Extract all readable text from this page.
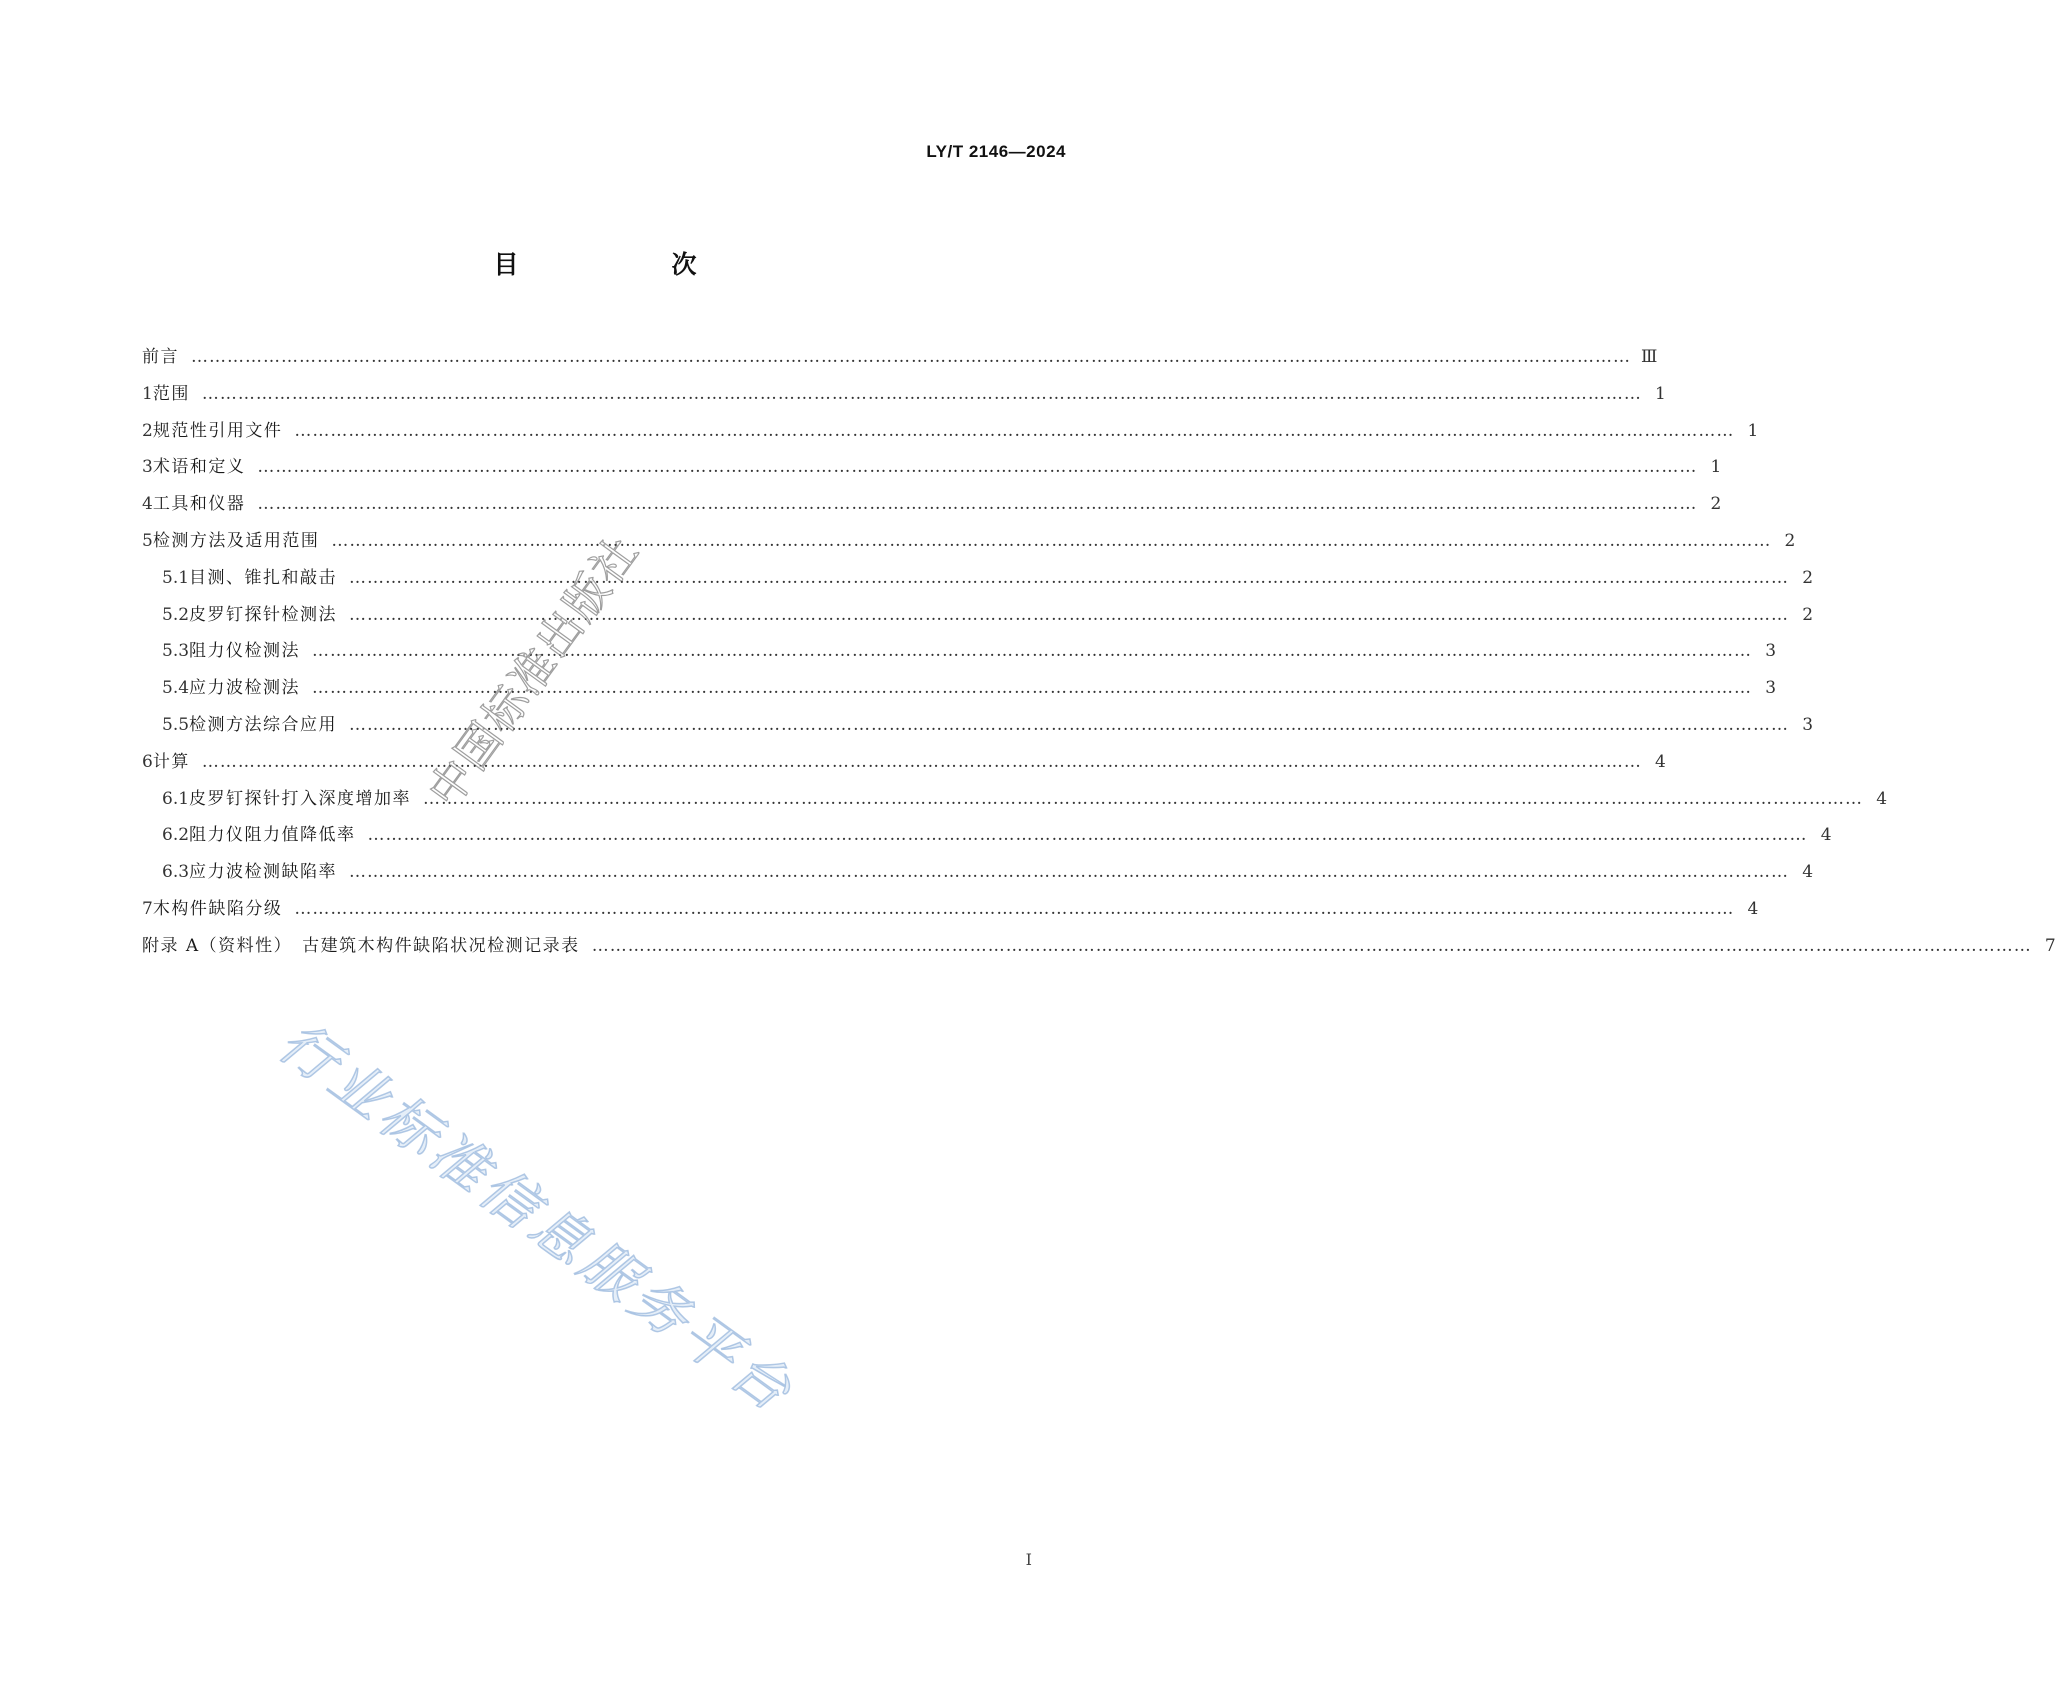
LY/T 2146—2024
目　次
前言 …………………………………………………………………………………………………………………………………………………………………………………………………………………… Ⅲ
1 范围 …………………………………………………………………………………………………………………………………………………………………………………………………………………… 1
2 规范性引用文件 …………………………………………………………………………………………………………………………………………………………………………………………………………………… 1
3 术语和定义 …………………………………………………………………………………………………………………………………………………………………………………………………………………… 1
4 工具和仪器 …………………………………………………………………………………………………………………………………………………………………………………………………………………… 2
5 检测方法及适用范围 …………………………………………………………………………………………………………………………………………………………………………………………………………………… 2
5.1 目测、锥扎和敲击 …………………………………………………………………………………………………………………………………………………………………………………………………………………… 2
5.2 皮罗钉探针检测法 …………………………………………………………………………………………………………………………………………………………………………………………………………………… 2
5.3 阻力仪检测法 …………………………………………………………………………………………………………………………………………………………………………………………………………………… 3
5.4 应力波检测法 …………………………………………………………………………………………………………………………………………………………………………………………………………………… 3
5.5 检测方法综合应用 …………………………………………………………………………………………………………………………………………………………………………………………………………………… 3
6 计算 …………………………………………………………………………………………………………………………………………………………………………………………………………………… 4
6.1 皮罗钉探针打入深度增加率 …………………………………………………………………………………………………………………………………………………………………………………………………………………… 4
6.2 阻力仪阻力值降低率 …………………………………………………………………………………………………………………………………………………………………………………………………………………… 4
6.3 应力波检测缺陷率 …………………………………………………………………………………………………………………………………………………………………………………………………………………… 4
7 木构件缺陷分级 …………………………………………………………………………………………………………………………………………………………………………………………………………………… 4
附录 A（资料性）　古建筑木构件缺陷状况检测记录表 …………………………………………………………………………………………………………………………………………………………………………………………………………………… 7
I
中国标准出版社
行业标准信息服务平台
